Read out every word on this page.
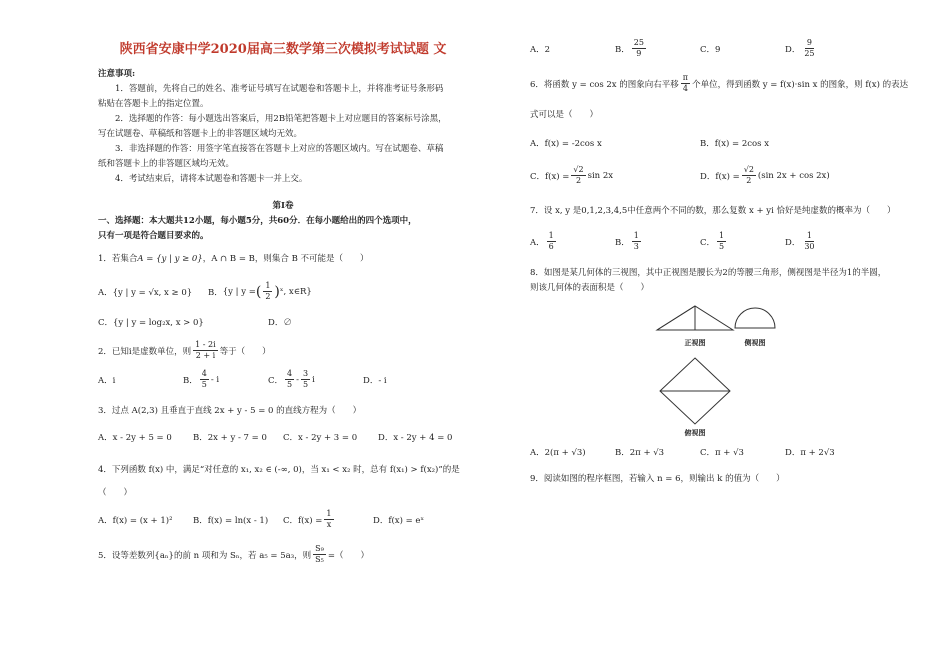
陕西省安康中学2020届高三数学第三次模拟考试试题 文

注意事项:

1．答题前，先将自己的姓名、准考证号填写在试题卷和答题卡上，并将准考证号条形码

粘贴在答题卡上的指定位置。

2．选择题的作答：每小题选出答案后，用2B铅笔把答题卡上对应题目的答案标号涂黑，

写在试题卷、草稿纸和答题卡上的非答题区域均无效。

3．非选择题的作答：用签字笔直接答在答题卡上对应的答题区域内。写在试题卷、草稿

纸和答题卡上的非答题区域均无效。

4．考试结束后，请将本试题卷和答题卡一并上交。

第Ⅰ卷

一、选择题：本大题共12小题，每小题5分，共60分．在每小题给出的四个选项中，

只有一项是符合题目要求的。

1．若集合A = {y | y ≥ 0}，A ∩ B = B，则集合 B 不可能是（　　）

A．{y | y = √x, x ≥ 0}	B． {y | y = ( $\frac{1}{2}$ ) ˣ, x∈R}
C．{y | y = log₂x, x > 0}	D．∅
2．已知i是虚数单位，则 $\frac{1 - 2i}{2 + i}$ 等于（　　）
A．i	B． $\frac{4}{5}$ - i	C． $\frac{4}{5} - \frac{3}{5}$ i	D．- i

3．过点 A(2,3) 且垂直于直线 2x + y - 5 = 0 的直线方程为（　　）

A．x - 2y + 5 = 0	B．2x + y - 7 = 0	C．x - 2y + 3 = 0	D．x - 2y + 4 = 0

4．下列函数 f(x) 中，满足“对任意的 x₁, x₂ ∈ (-∞, 0)，当 x₁ < x₂ 时，总有 f(x₁) > f(x₂)”的是

（　　）

A．f(x) = (x + 1)²	B．f(x) = ln(x - 1)	C．$f(x) = \frac{1}{x}$	D．f(x) = eˣ
5．设等差数列{aₙ}的前 n 项和为 Sₙ，若 a₅ = 5a₃，则 $\frac{\text{S₉}}{\text{S₅}}$ =（　　）
A．2	B． $\frac{25}{9}$	C．9	D． $\frac{9}{25}$
6．将函数 y = cos 2x 的图象向右平移 $\frac{\pi}{4}$ 个单位，得到函数 y = f(x)·sin x 的图象，则 f(x) 的表达

式可以是（　　）

A．f(x) = -2cos x	B．f(x) = 2cos x
C．$f(x) = \frac{√2}{2}$ sin 2x	D．$f(x) = \frac{√2}{2} (\sin$ 2x + cos 2x)

7．设 x, y 是0,1,2,3,4,5中任意两个不同的数，那么复数 x + yi 恰好是纯虚数的概率为（　　）

A． $\frac{1}{6}$	B． $\frac{1}{3}$	C． $\frac{1}{5}$	D． $\frac{1}{30}$

8．如图是某几何体的三视图，其中正视图是腰长为2的等腰三角形，侧视图是半径为1的半圆，

则该几何体的表面积是（　　）

正视图	侧视图
俯视图
A．2(π + √3)	B．2π + √3	C．π + √3	D．π + 2√3

9．阅读如图的程序框图，若输入 n = 6，则输出 k 的值为（　　）
